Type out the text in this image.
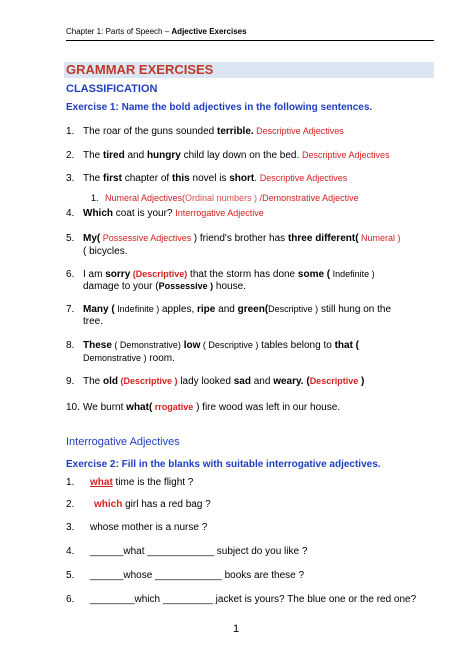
Chapter 1: Parts of Speech – Adjective Exercises
GRAMMAR EXERCISES
CLASSIFICATION
Exercise 1: Name the bold adjectives in the following sentences.
1. The roar of the guns sounded terrible. Descriptive Adjectives
2. The tired and hungry child lay down on the bed. Descriptive Adjectives
3. The first chapter of this novel is short. Descriptive Adjectives
1. Numeral Adjectives(Ordinal numbers ) /Demonstrative Adjective
4. Which coat is your? Interrogative Adjective
5. My( Possessive Adjectives ) friend's brother has three different( Numeral )
( bicycles.
6. I am sorry (Descriptive) that the storm has done some ( Indefinite )
damage to your (Possessive ) house.
7. Many ( Indefinite ) apples, ripe and green(Descriptive ) still hung on the
tree.
8. These ( Demonstrative) low ( Descriptive ) tables belong to that (
Demonstrative ) room.
9. The old (Descriptive ) lady looked sad and weary. (Descriptive )
10. We burnt what( rrogative ) fire wood was left in our house.
Interrogative Adjectives
Exercise 2: Fill in the blanks with suitable interrogative adjectives.
1. what time is the flight ?
2. which girl has a red bag ?
3. whose mother is a nurse ?
4. ______what ____________ subject do you like ?
5. ______whose ____________ books are these ?
6. ________which _________ jacket is yours? The blue one or the red one?
1
